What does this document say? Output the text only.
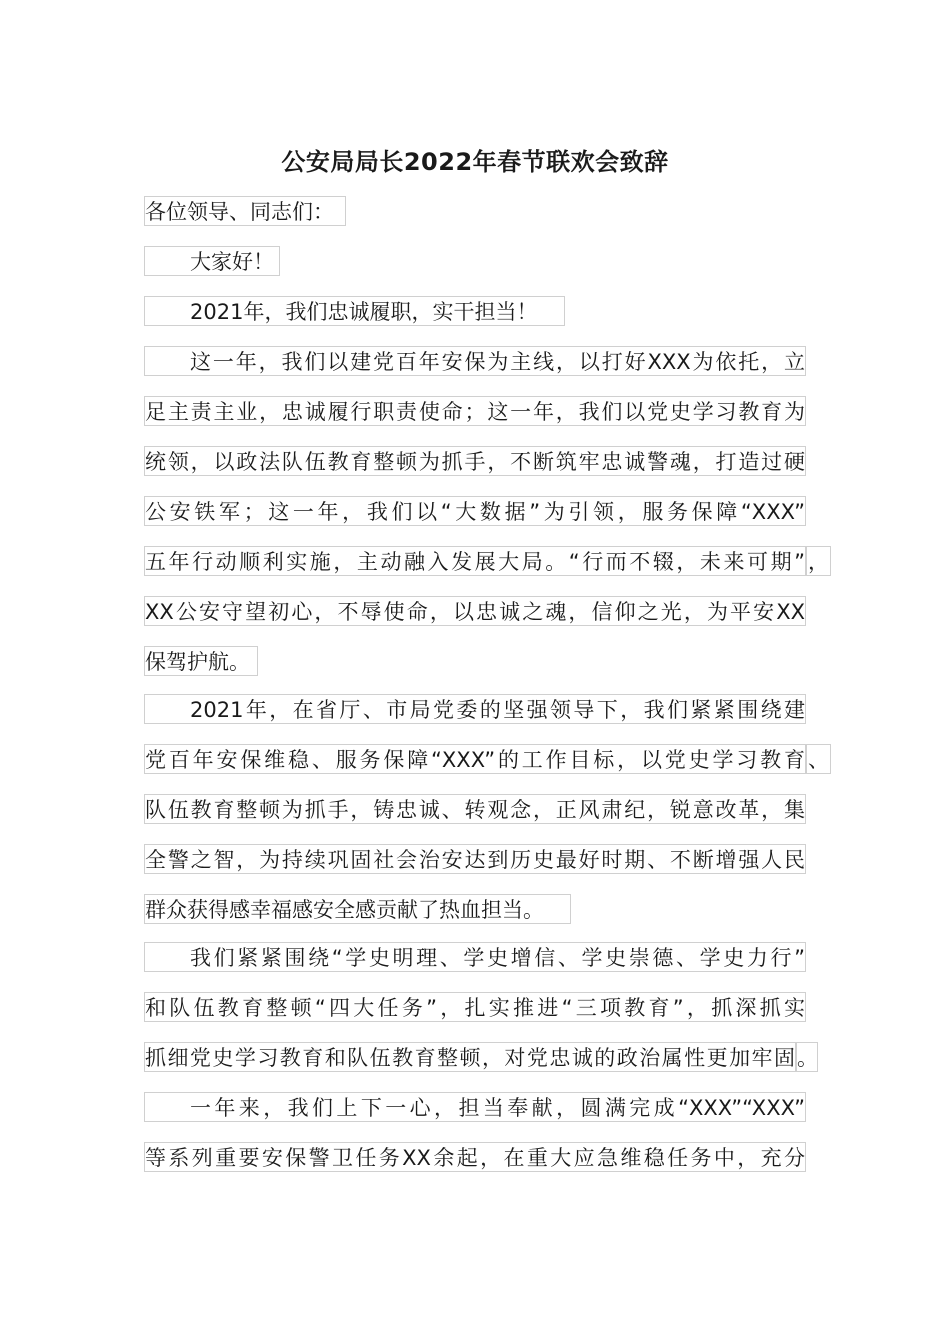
公安局局长2022年春节联欢会致辞
各位领导、同志们：
大家好！
2021年，我们忠诚履职，实干担当！
这一年，我们以建党百年安保为主线，以打好XXX为依托，立
足主责主业，忠诚履行职责使命；这一年，我们以党史学习教育为
统领，以政法队伍教育整顿为抓手，不断筑牢忠诚警魂，打造过硬
公安铁军；这一年，我们以“大数据”为引领，服务保障“XXX”
五年行动顺利实施，主动融入发展大局。“行而不辍，未来可期” ，
XX公安守望初心，不辱使命，以忠诚之魂，信仰之光，为平安XX
保驾护航。
2021年，在省厅、市局党委的坚强领导下，我们紧紧围绕建
党百年安保维稳、服务保障“XXX”的工作目标，以党史学习教育 、
队伍教育整顿为抓手，铸忠诚、转观念，正风肃纪，锐意改革，集
全警之智，为持续巩固社会治安达到历史最好时期、不断增强人民
群众获得感幸福感安全感贡献了热血担当。
我们紧紧围绕“学史明理、学史增信、学史崇德、学史力行”
和队伍教育整顿“四大任务”，扎实推进“三项教育”，抓深抓实
抓细党史学习教育和队伍教育整顿，对党忠诚的政治属性更加牢固 。
一年来，我们上下一心，担当奉献，圆满完成“XXX”“XXX”
等系列重要安保警卫任务XX余起，在重大应急维稳任务中，充分
